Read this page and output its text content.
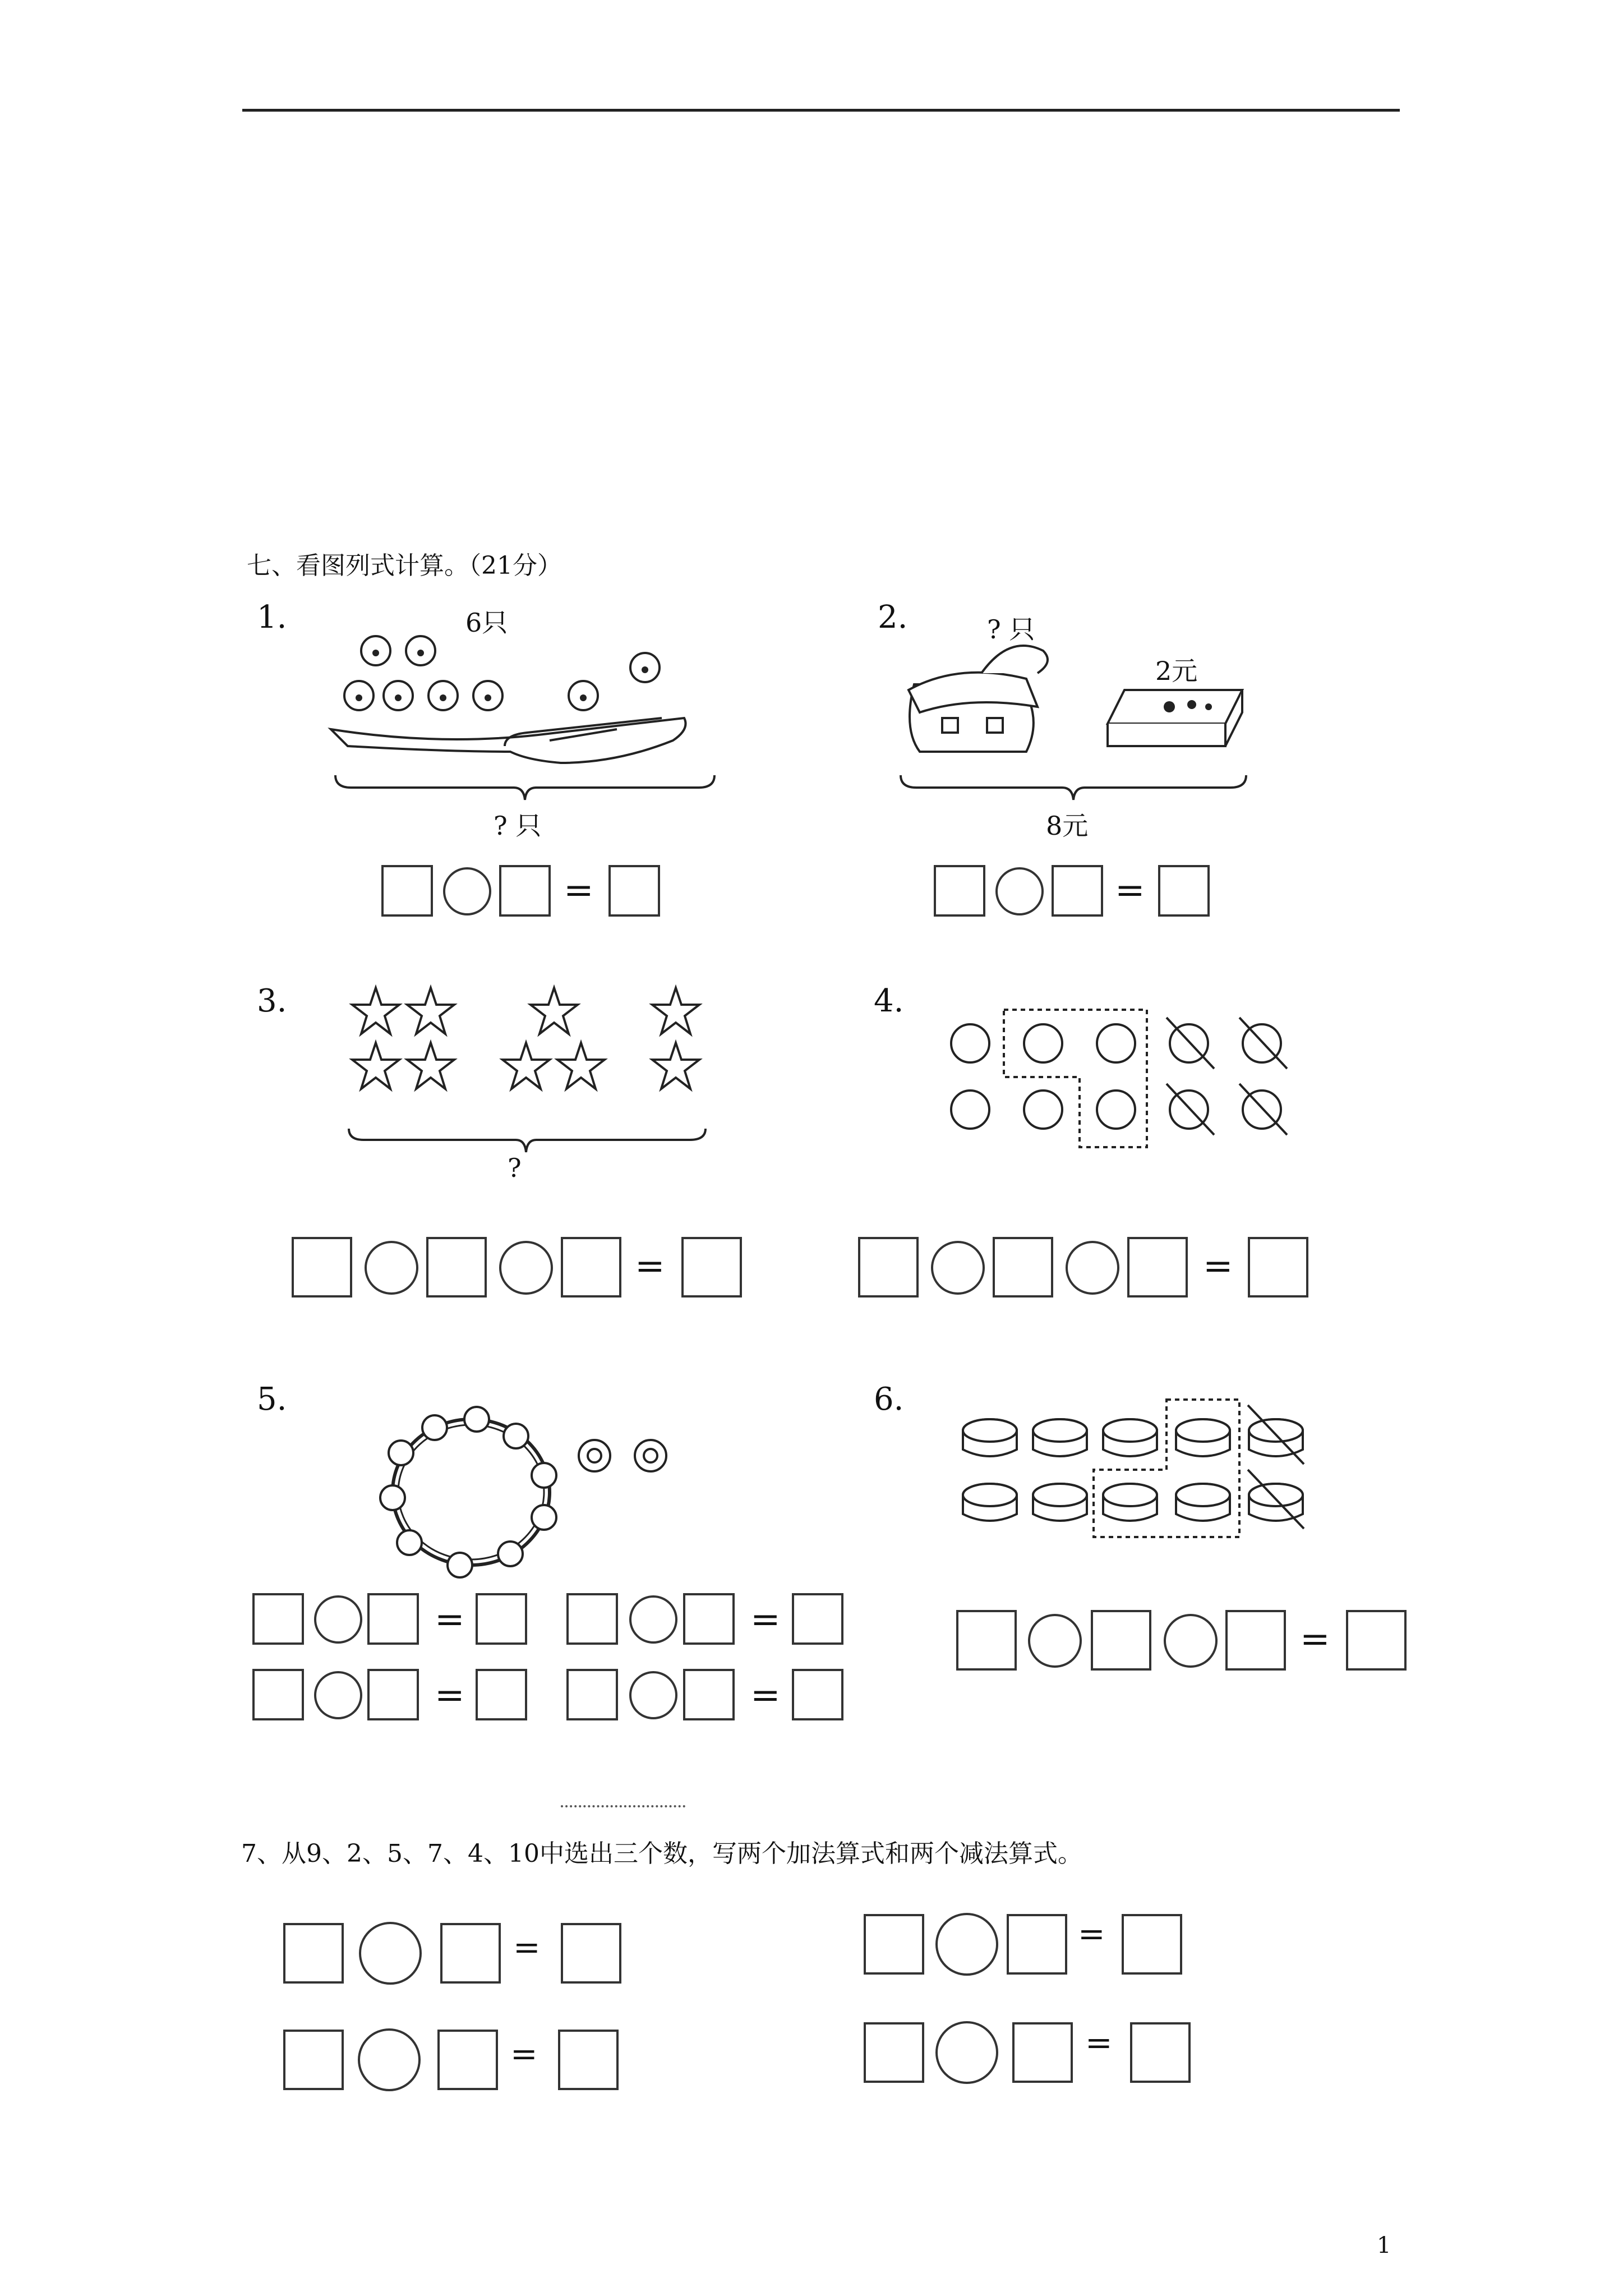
七、看图列式计算。（21分）
1.	6只
? 只
=
2.	? 只
2元
8元
=
3.
?
=
4.
=
5.
=	=
=	=
6.
=
7、从9、2、5、7、4、10中选出三个数，写两个加法算式和两个减法算式。
=	=
=	=
1
